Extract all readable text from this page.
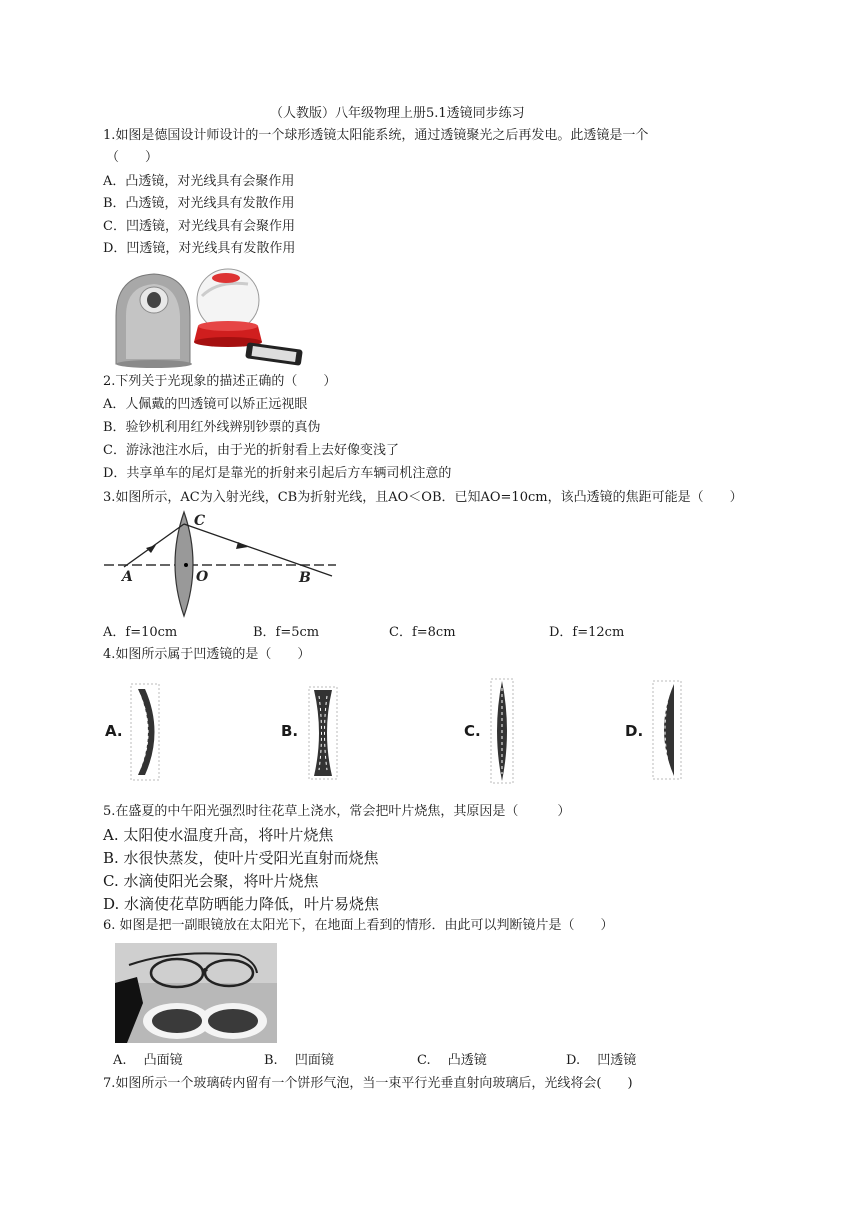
（人教版）八年级物理上册5.1透镜同步练习
1.如图是德国设计师设计的一个球形透镜太阳能系统，通过透镜聚光之后再发电。此透镜是一个
（　　）
A．凸透镜，对光线具有会聚作用
B．凸透镜，对光线具有发散作用
C．凹透镜，对光线具有会聚作用
D．凹透镜，对光线具有发散作用
2.下列关于光现象的描述正确的（　　）
A．人佩戴的凹透镜可以矫正远视眼
B．验钞机利用红外线辨别钞票的真伪
C．游泳池注水后，由于光的折射看上去好像变浅了
D．共享单车的尾灯是靠光的折射来引起后方车辆司机注意的
3.如图所示，AC为入射光线，CB为折射光线，且AO＜OB．已知AO=10cm，该凸透镜的焦距可能是（　　）
A	O	B
C
A．f=10cm	B．f=5cm	C．f=8cm	D．f=12cm
4.如图所示属于凹透镜的是（　　）
A.	B.	C.	D.
5.在盛夏的中午阳光强烈时往花草上浇水，常会把叶片烧焦，其原因是（　　　）
A. 太阳使水温度升高，将叶片烧焦
B. 水很快蒸发，使叶片受阳光直射而烧焦
C. 水滴使阳光会聚，将叶片烧焦
D. 水滴使花草防晒能力降低，叶片易烧焦
6. 如图是把一副眼镜放在太阳光下，在地面上看到的情形．由此可以判断镜片是（　　）
A.　 凸面镜	B.　 凹面镜	C.　 凸透镜	D.　 凹透镜
7.如图所示一个玻璃砖内留有一个饼形气泡，当一束平行光垂直射向玻璃后，光线将会(　　)
